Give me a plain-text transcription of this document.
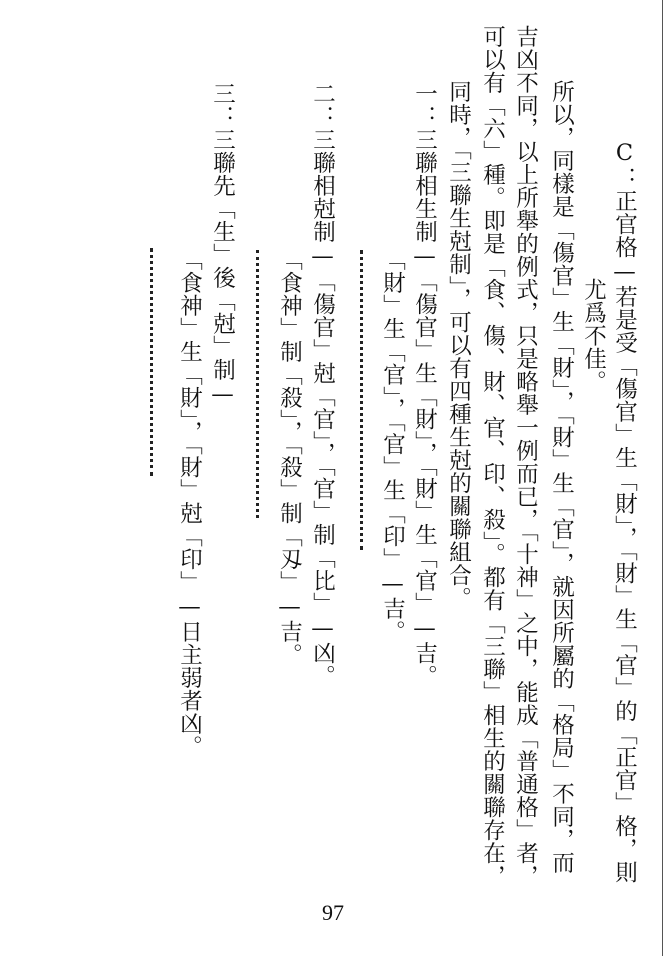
C：正官格—若是受「傷官」生「財」，「財」生「官」的「正官」格，則
尤爲不佳。
所以，同樣是「傷官」生「財」，「財」生「官」，就因所屬的「格局」不同，而
吉凶不同，以上所舉的例式，只是略舉一例而已，「十神」之中，能成「普通格」者，
可以有「六」種。即是「食、傷、財、官、印、殺」。都有「三聯」相生的關聯存在，
同時，「三聯生尅制」，可以有四種生尅的關聯組合。
一：三聯相生制—「傷官」生「財」，「財」生「官」—吉。
「財」生「官」，「官」生「印」—吉。
二：三聯相尅制—「傷官」尅「官」，「官」制「比」—凶。
「食神」制「殺」，「殺」制「刄」—吉。
三：三聯先「生」後「尅」制—
「食神」生「財」，「財」尅「印」—日主弱者凶。
97
